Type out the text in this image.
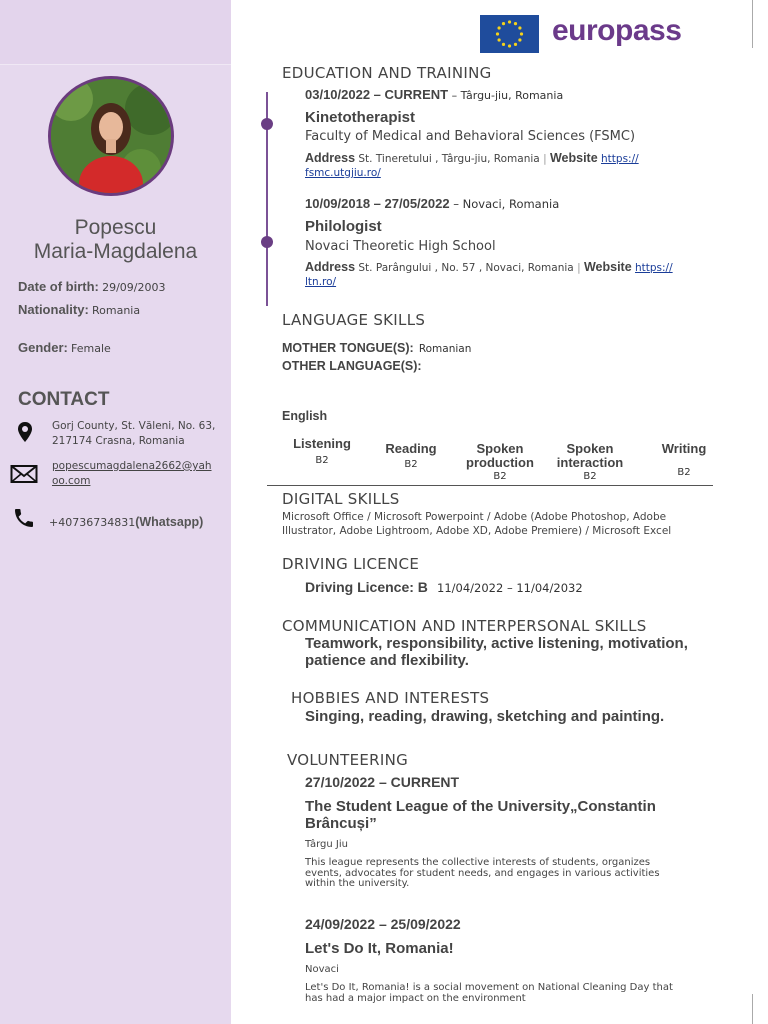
Popescu
Maria-Magdalena
Date of birth: 29/09/2003
Nationality: Romania
Gender: Female
CONTACT
Gorj County, St. Văleni, No. 63,
217174 Crasna, Romania
popescumagdalena2662@yah
oo.com
+40736734831(Whatsapp)
europass
EDUCATION AND TRAINING
03/10/2022 – CURRENT – Târgu-jiu, Romania
Kinetotherapist
Faculty of Medical and Behavioral Sciences (FSMC)
Address St. Tineretului , Târgu-jiu, Romania | Website https://
fsmc.utgjiu.ro/
10/09/2018 – 27/05/2022 – Novaci, Romania
Philologist
Novaci Theoretic High School
Address St. Parângului , No. 57 , Novaci, Romania | Website https://
ltn.ro/
LANGUAGE SKILLS
MOTHER TONGUE(S): Romanian
OTHER LANGUAGE(S):
English
Listening
B2
Reading
B2
Spoken
production
B2
Spoken
interaction
B2
Writing
B2
DIGITAL SKILLS
Microsoft Office / Microsoft Powerpoint / Adobe (Adobe Photoshop, Adobe
Illustrator, Adobe Lightroom, Adobe XD, Adobe Premiere) / Microsoft Excel
DRIVING LICENCE
Driving Licence: B 11/04/2022 – 11/04/2032
COMMUNICATION AND INTERPERSONAL SKILLS
Teamwork, responsibility, active listening, motivation,
patience and ﬂexibility.
HOBBIES AND INTERESTS
Singing, reading, drawing, sketching and painting.
VOLUNTEERING
27/10/2022 – CURRENT
The Student League of the University„Constantin
Brâncuși”
Târgu Jiu
This league represents the collective interests of students, organizes
events, advocates for student needs, and engages in various activities
within the university.
24/09/2022 – 25/09/2022
Let's Do It, Romania!
Novaci
Let's Do It, Romania! is a social movement on National Cleaning Day that
has had a major impact on the environment
